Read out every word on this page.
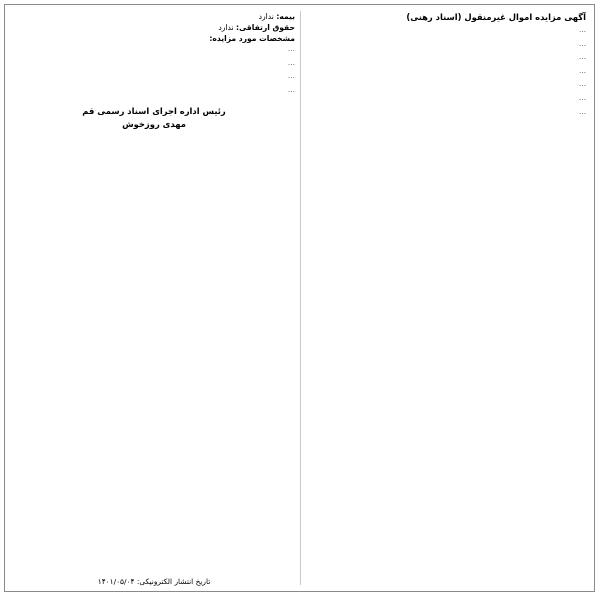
آگهی مزایده اموال غیرمنقول (اسناد رهنی)
…
…
…
…
…
…
…

بیمه: ندارد

حقوق ارتفاقی: ندارد

مشخصات مورد مزایده:

…
…
…
…
رئیس اداره اجرای اسناد رسمی قم
مهدی روزخوش
تاریخ انتشار الکترونیکی: ۱۴۰۱/۰۵/۰۴
